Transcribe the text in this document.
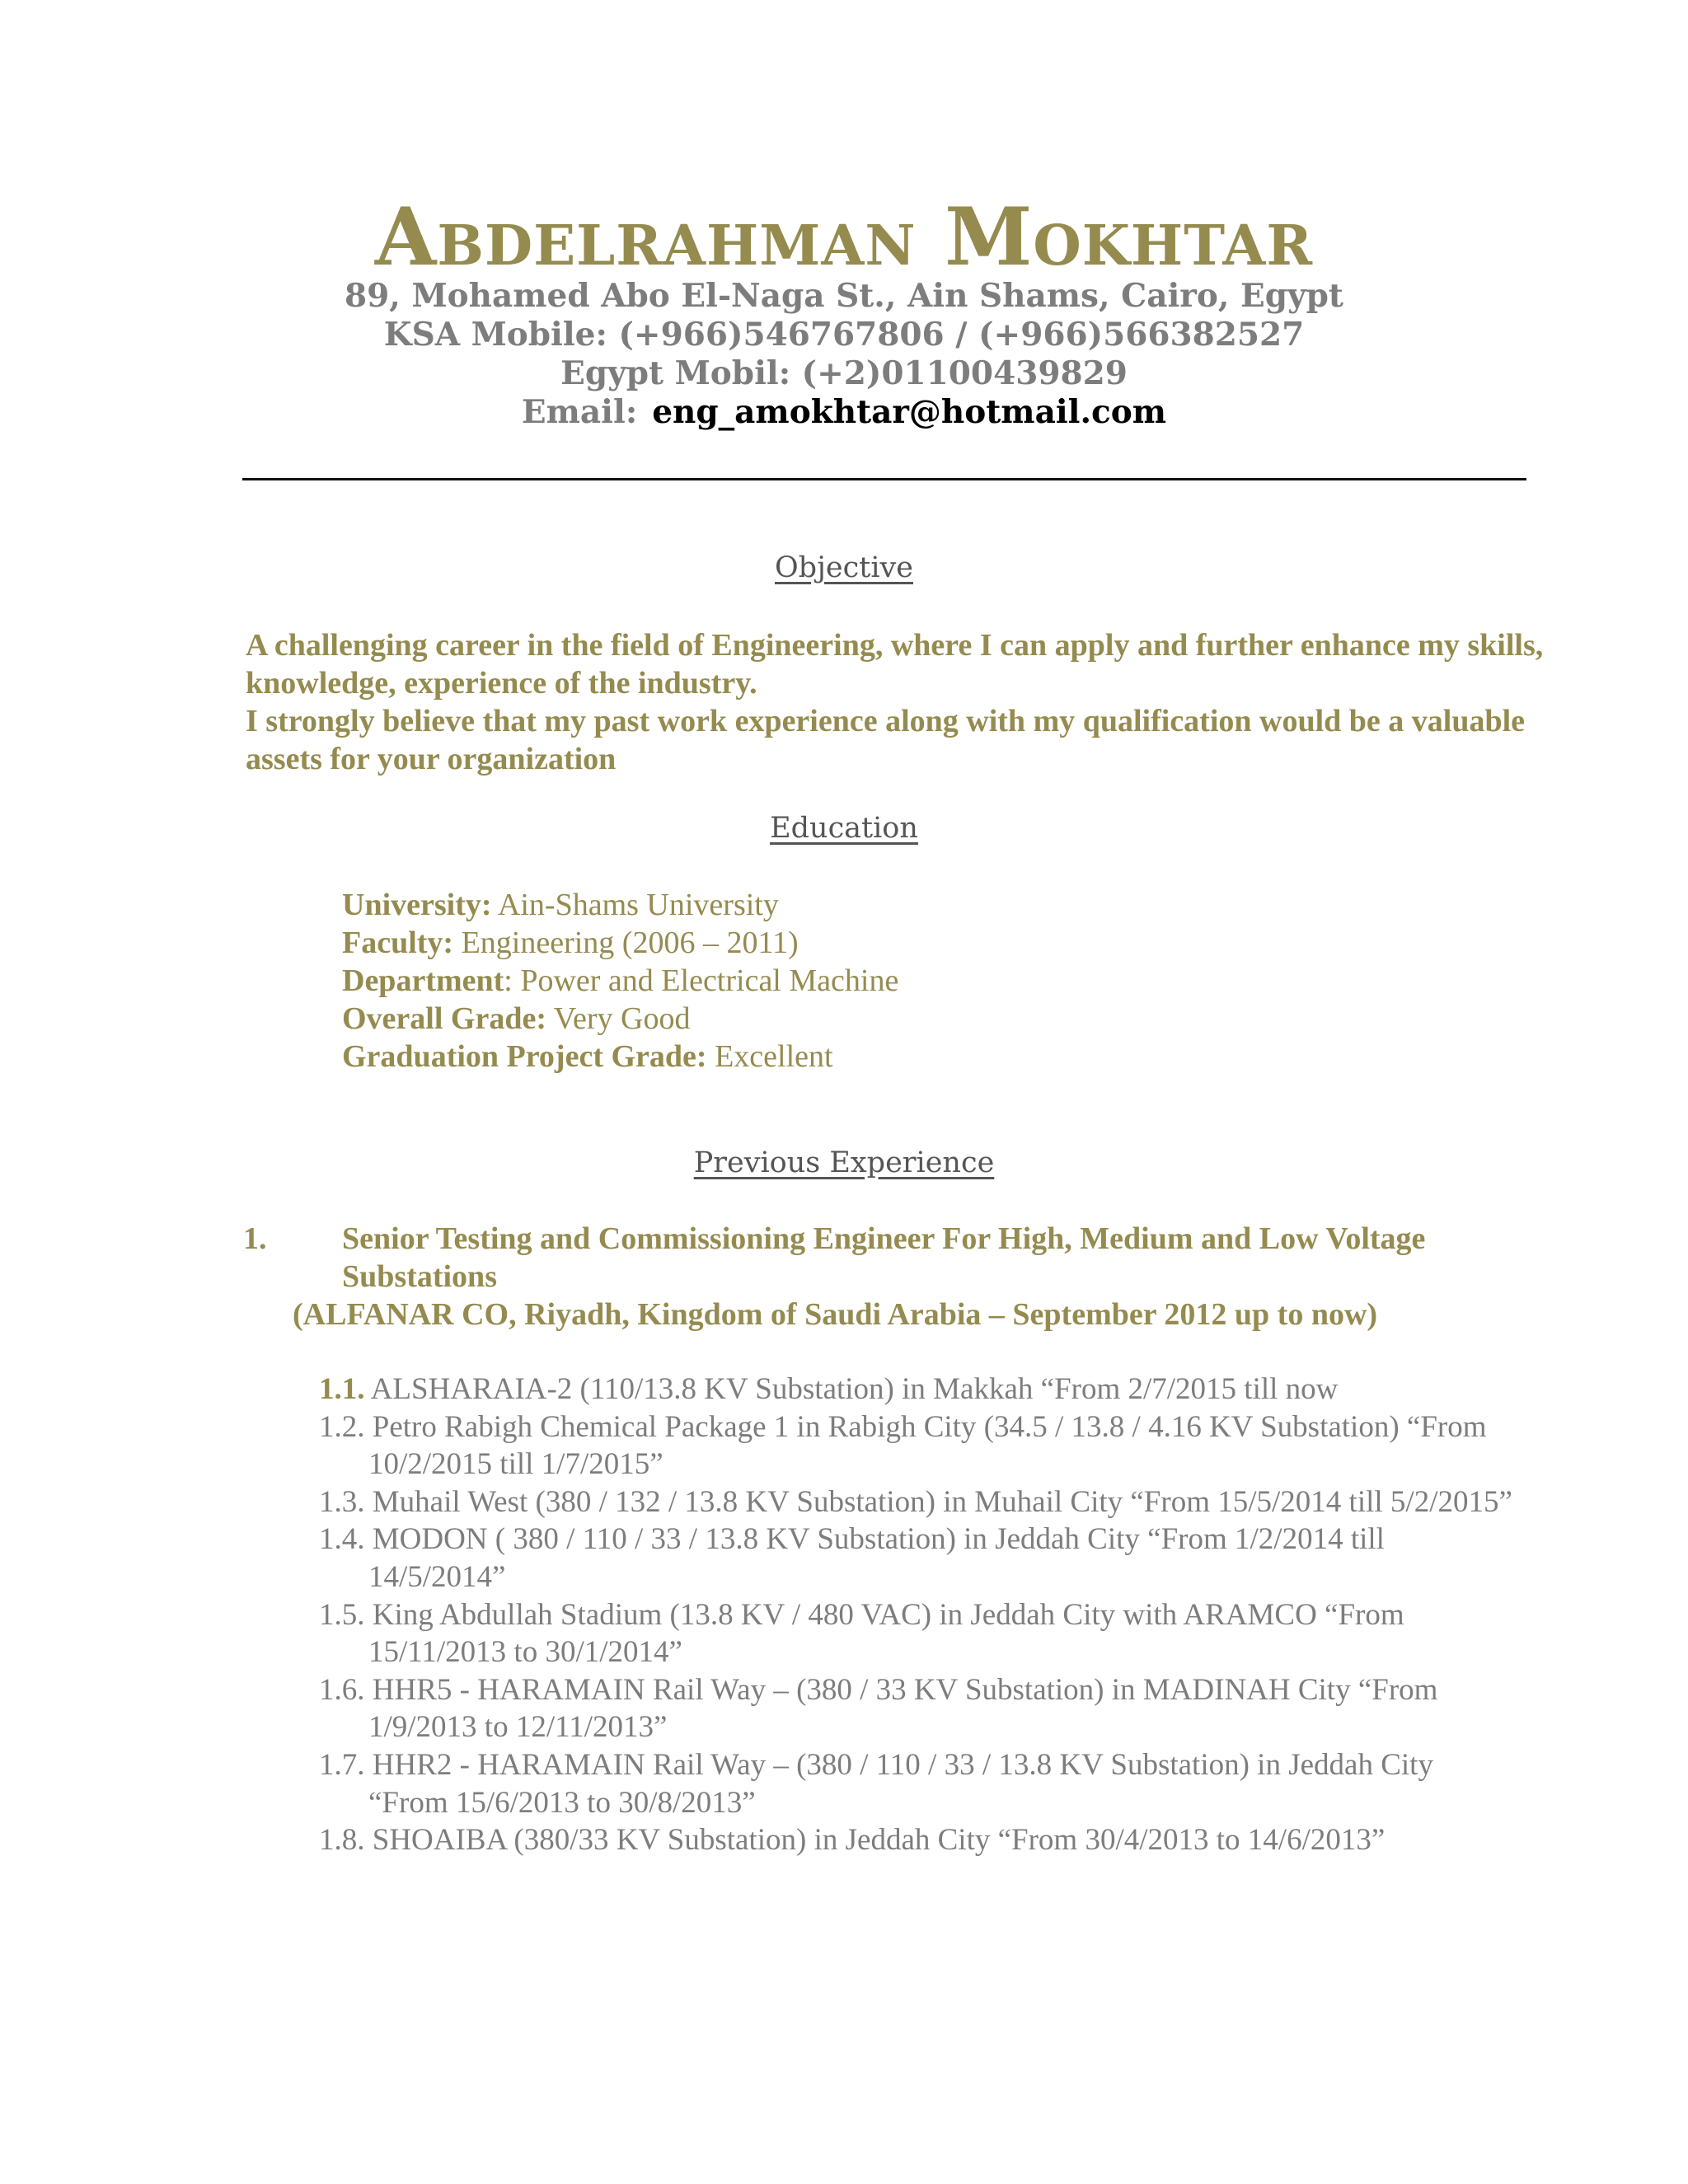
Abdelrahman Mokhtar
89, Mohamed Abo El-Naga St., Ain Shams, Cairo, Egypt
KSA Mobile: (+966)546767806 / (+966)566382527
Egypt Mobil: (+2)01100439829
Email: eng_amokhtar@hotmail.com
Objective

A challenging career in the field of Engineering, where I can apply and further enhance my skills, knowledge, experience of the industry.

I strongly believe that my past work experience along with my qualification would be a valuable assets for your organization

Education
University: Ain-Shams University
Faculty: Engineering (2006 – 2011)
Department: Power and Electrical Machine
Overall Grade: Very Good
Graduation Project Grade: Excellent
Previous Experience
1. Senior Testing and Commissioning Engineer For High, Medium and Low Voltage Substations
(ALFANAR CO, Riyadh, Kingdom of Saudi Arabia – September 2012 up to now)
1.1. ALSHARAIA-2 (110/13.8 KV Substation) in Makkah “From 2/7/2015 till now
1.2. Petro Rabigh Chemical Package 1 in Rabigh City (34.5 / 13.8 / 4.16 KV Substation) “From 10/2/2015 till 1/7/2015”
1.3. Muhail West (380 / 132 / 13.8 KV Substation) in Muhail City “From 15/5/2014 till 5/2/2015”
1.4. MODON ( 380 / 110 / 33 / 13.8 KV Substation) in Jeddah City “From 1/2/2014 till 14/5/2014”
1.5. King Abdullah Stadium (13.8 KV / 480 VAC) in Jeddah City with ARAMCO “From 15/11/2013 to 30/1/2014”
1.6. HHR5 - HARAMAIN Rail Way – (380 / 33 KV Substation) in MADINAH City “From 1/9/2013 to 12/11/2013”
1.7. HHR2 - HARAMAIN Rail Way – (380 / 110 / 33 / 13.8 KV Substation) in Jeddah City “From 15/6/2013 to 30/8/2013”
1.8. SHOAIBA (380/33 KV Substation) in Jeddah City “From 30/4/2013 to 14/6/2013”
